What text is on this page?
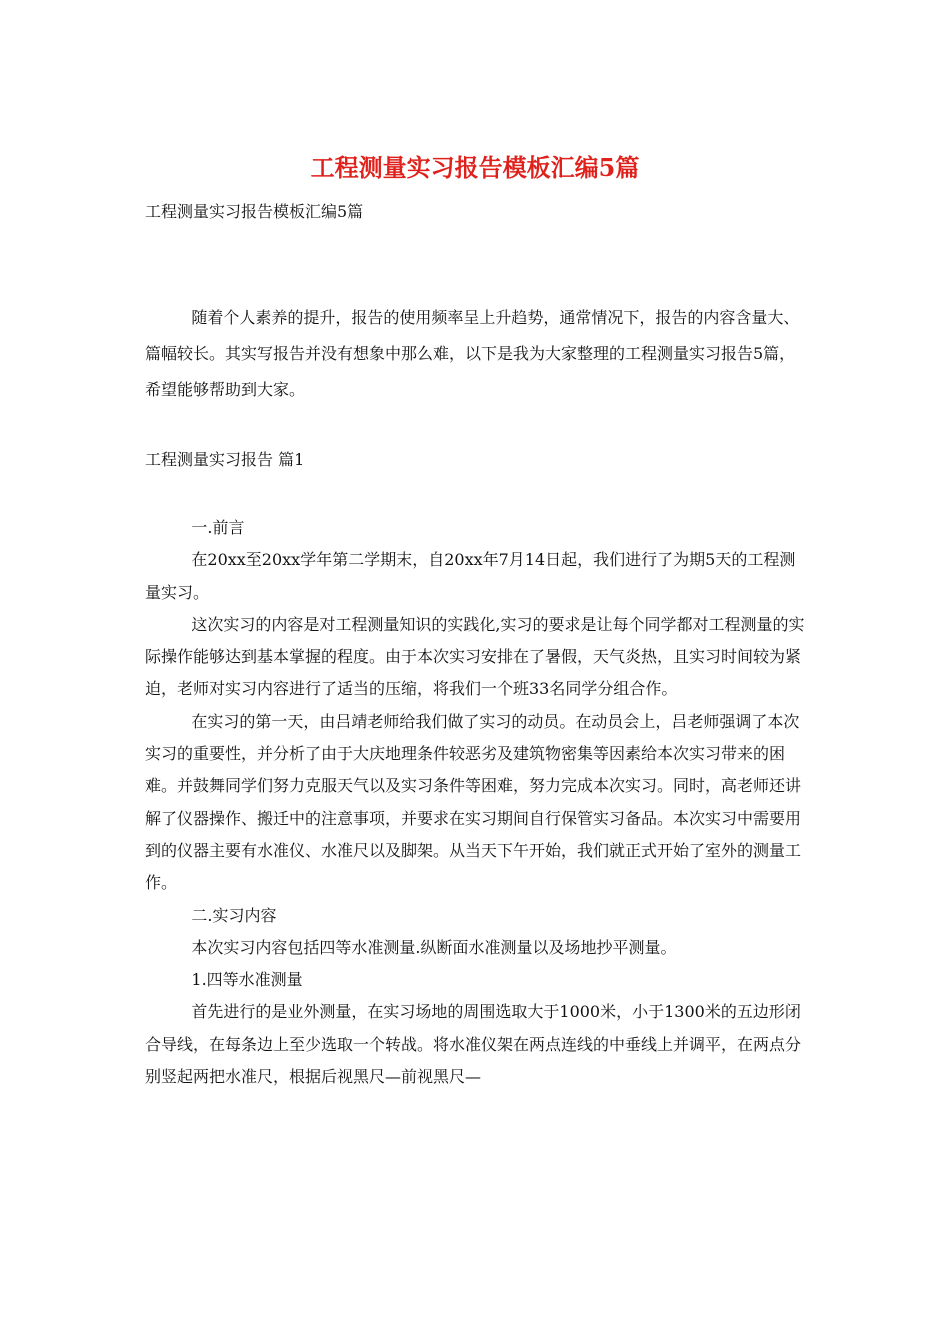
工程测量实习报告模板汇编5篇
工程测量实习报告模板汇编5篇

随着个人素养的提升，报告的使用频率呈上升趋势，通常情况下，报告的内容含量大、篇幅较长。其实写报告并没有想象中那么难，以下是我为大家整理的工程测量实习报告5篇，希望能够帮助到大家。

工程测量实习报告 篇1

一.前言

在20xx至20xx学年第二学期末，自20xx年7月14日起，我们进行了为期5天的工程测量实习。

这次实习的内容是对工程测量知识的实践化,实习的要求是让每个同学都对工程测量的实际操作能够达到基本掌握的程度。由于本次实习安排在了暑假，天气炎热，且实习时间较为紧迫，老师对实习内容进行了适当的压缩，将我们一个班33名同学分组合作。

在实习的第一天，由吕靖老师给我们做了实习的动员。在动员会上，吕老师强调了本次实习的重要性，并分析了由于大庆地理条件较恶劣及建筑物密集等因素给本次实习带来的困难。并鼓舞同学们努力克服天气以及实习条件等困难，努力完成本次实习。同时，高老师还讲解了仪器操作、搬迁中的注意事项，并要求在实习期间自行保管实习备品。本次实习中需要用到的仪器主要有水准仪、水准尺以及脚架。从当天下午开始，我们就正式开始了室外的测量工作。

二.实习内容

本次实习内容包括四等水准测量.纵断面水准测量以及场地抄平测量。

1.四等水准测量

首先进行的是业外测量，在实习场地的周围选取大于1000米，小于1300米的五边形闭合导线，在每条边上至少选取一个转战。将水准仪架在两点连线的中垂线上并调平，在两点分别竖起两把水准尺，根据后视黑尺—前视黑尺—
